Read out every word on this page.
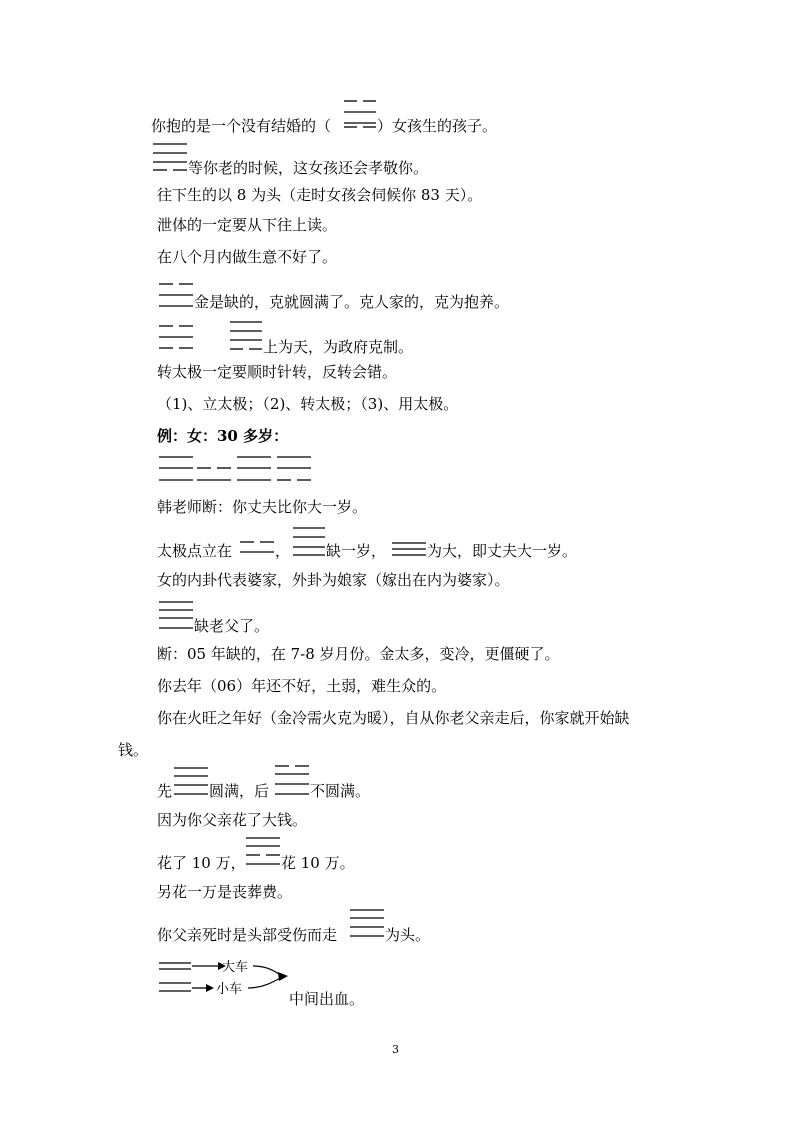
你抱的是一个没有结婚的（	）女孩生的孩子。
等你老的时候，这女孩还会孝敬你。
往下生的以 8 为头（走时女孩会伺候你 83 天）。
泄体的一定要从下往上读。
在八个月内做生意不好了。
金是缺的，克就圆满了。克人家的，克为抱养。
上为天，为政府克制。
转太极一定要顺时针转，反转会错。
（1)、立太极；（2)、转太极；（3)、用太极。
例：女：30 多岁：
韩老师断：你丈夫比你大一岁。
太极点立在	， 缺一岁，	为大，即丈夫大一岁。
女的内卦代表婆家，外卦为娘家（嫁出在内为婆家）。
缺老父了。
断：05 年缺的，在 7-8 岁月份。金太多，变冷，更僵硬了。
你去年（06）年还不好，土弱，难生众的。
你在火旺之年好（金冷需火克为暖），自从你老父亲走后，你家就开始缺
钱。
先 圆满，后	不圆满。
因为你父亲花了大钱。
花了 10 万， 花 10 万。
另花一万是丧葬费。
你父亲死时是头部受伤而走	为头。
大车
小车
中间出血。
3
